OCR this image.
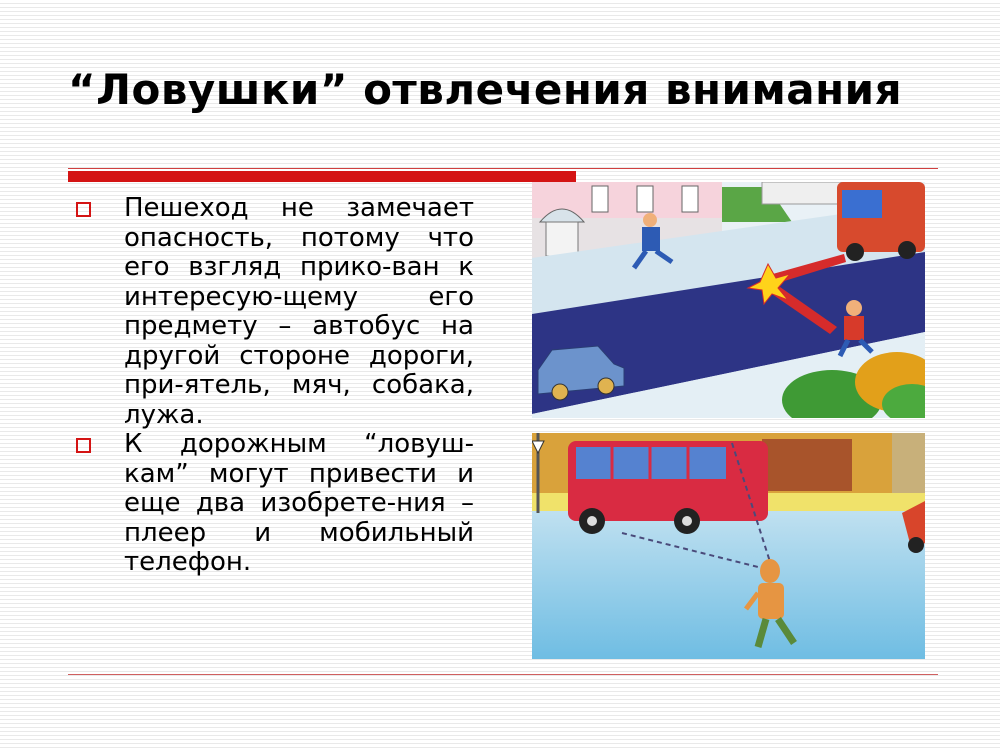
“Ловушки” отвлечения внимания
Пешеход не замечает опасность, потому что его взгляд прико-ван к интересую-щему его предмету – автобус на другой стороне дороги, при-ятель, мяч, собака, лужа.
К дорожным “ловуш-кам” могут привести и еще два изобрете-ния – плеер и мобильный телефон.
